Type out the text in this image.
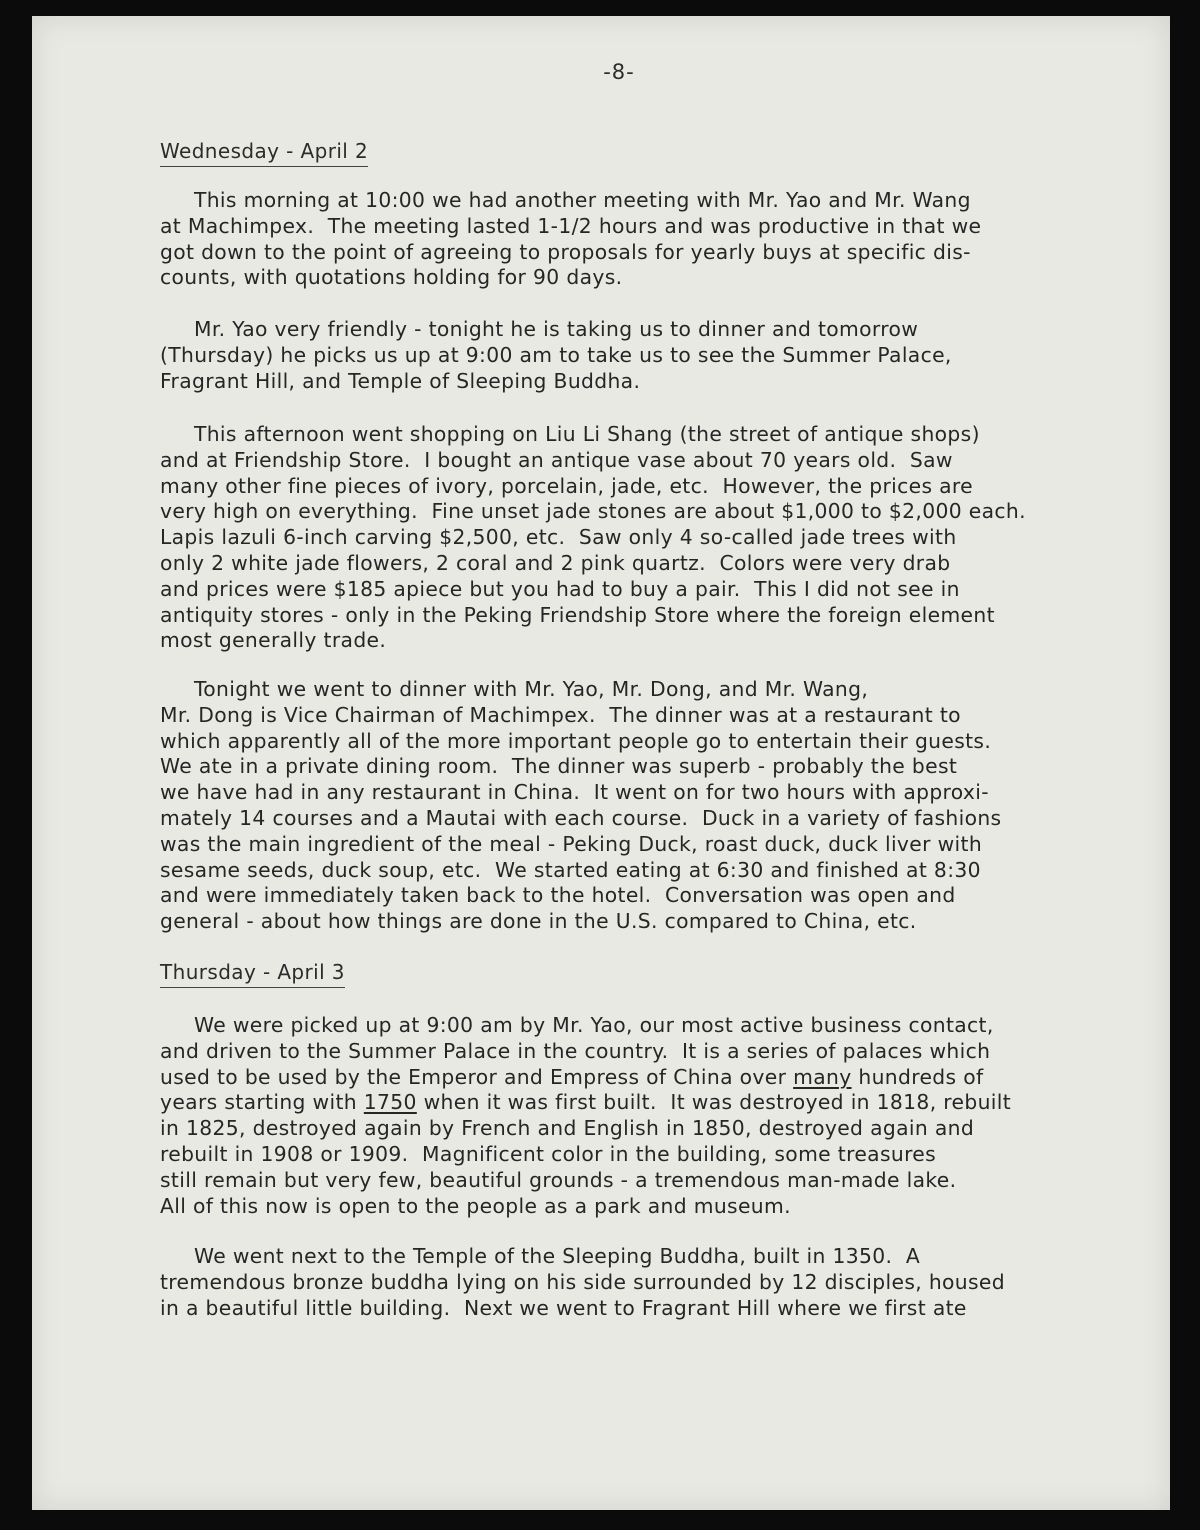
-8-
Wednesday - April 2
This morning at 10:00 we had another meeting with Mr. Yao and Mr. Wang
at Machimpex.  The meeting lasted 1-1/2 hours and was productive in that we
got down to the point of agreeing to proposals for yearly buys at specific dis-
counts, with quotations holding for 90 days.
Mr. Yao very friendly - tonight he is taking us to dinner and tomorrow
(Thursday) he picks us up at 9:00 am to take us to see the Summer Palace,
Fragrant Hill, and Temple of Sleeping Buddha.
This afternoon went shopping on Liu Li Shang (the street of antique shops)
and at Friendship Store.  I bought an antique vase about 70 years old.  Saw
many other fine pieces of ivory, porcelain, jade, etc.  However, the prices are
very high on everything.  Fine unset jade stones are about $1,000 to $2,000 each.
Lapis lazuli 6-inch carving $2,500, etc.  Saw only 4 so-called jade trees with
only 2 white jade flowers, 2 coral and 2 pink quartz.  Colors were very drab
and prices were $185 apiece but you had to buy a pair.  This I did not see in
antiquity stores - only in the Peking Friendship Store where the foreign element
most generally trade.
Tonight we went to dinner with Mr. Yao, Mr. Dong, and Mr. Wang,
Mr. Dong is Vice Chairman of Machimpex.  The dinner was at a restaurant to
which apparently all of the more important people go to entertain their guests.
We ate in a private dining room.  The dinner was superb - probably the best
we have had in any restaurant in China.  It went on for two hours with approxi-
mately 14 courses and a Mautai with each course.  Duck in a variety of fashions
was the main ingredient of the meal - Peking Duck, roast duck, duck liver with
sesame seeds, duck soup, etc.  We started eating at 6:30 and finished at 8:30
and were immediately taken back to the hotel.  Conversation was open and
general - about how things are done in the U.S. compared to China, etc.
Thursday - April 3
We were picked up at 9:00 am by Mr. Yao, our most active business contact,
and driven to the Summer Palace in the country.  It is a series of palaces which
used to be used by the Emperor and Empress of China over many hundreds of
years starting with 1750 when it was first built.  It was destroyed in 1818, rebuilt
in 1825, destroyed again by French and English in 1850, destroyed again and
rebuilt in 1908 or 1909.  Magnificent color in the building, some treasures
still remain but very few, beautiful grounds - a tremendous man-made lake.
All of this now is open to the people as a park and museum.
We went next to the Temple of the Sleeping Buddha, built in 1350.  A
tremendous bronze buddha lying on his side surrounded by 12 disciples, housed
in a beautiful little building.  Next we went to Fragrant Hill where we first ate
